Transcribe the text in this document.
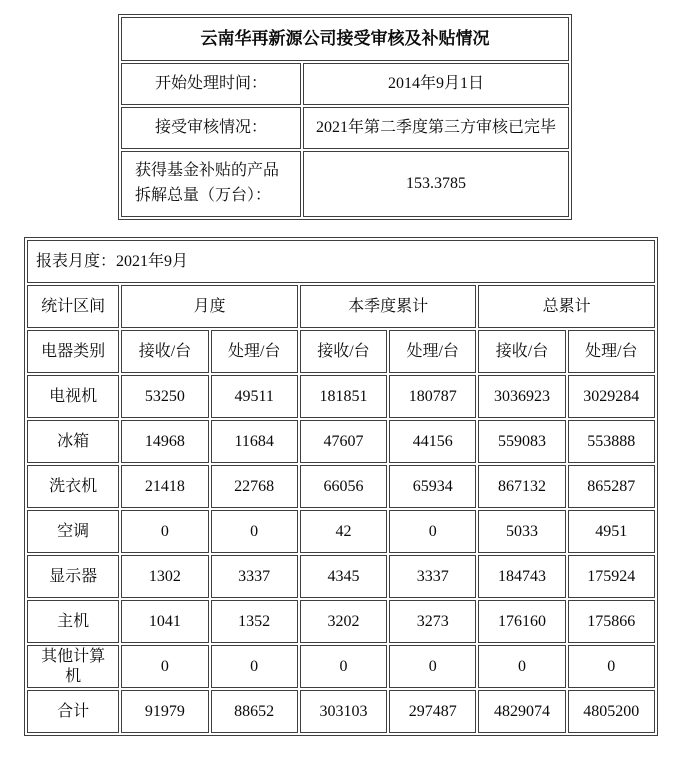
云南华再新源公司接受审核及补贴情况	
开始处理时间：	2014年9月1日
接受审核情况：	2021年第二季度第三方审核已完毕
获得基金补贴的产品拆解总量（万台）：	153.3785
报表月度：2021年9月						
统计区间	月度		本季度累计		总累计	
电器类别	接收/台	处理/台	接收/台	处理/台	接收/台	处理/台
电视机	53250	49511	181851	180787	3036923	3029284
冰箱	14968	11684	47607	44156	559083	553888
洗衣机	21418	22768	66056	65934	867132	865287
空调	0	0	42	0	5033	4951
显示器	1302	3337	4345	3337	184743	175924
主机	1041	1352	3202	3273	176160	175866
其他计算机	0	0	0	0	0	0
合计	91979	88652	303103	297487	4829074	4805200
